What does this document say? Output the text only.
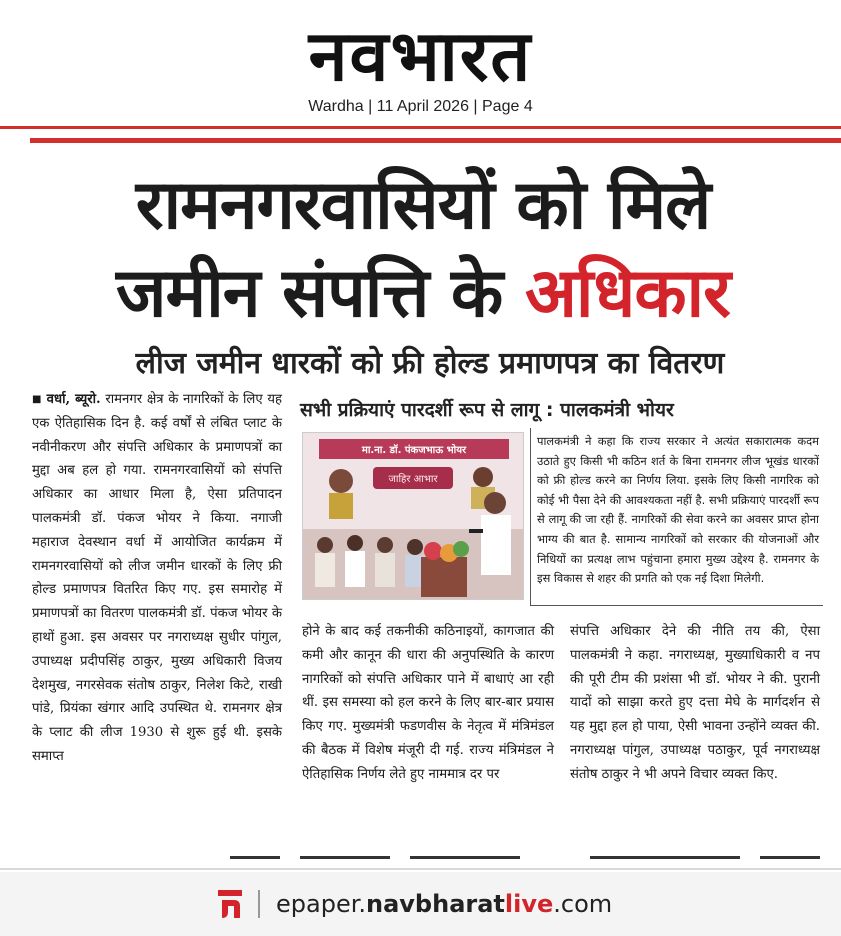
नवभारत
Wardha | 11 April 2026 | Page 4
रामनगरवासियों को मिले
जमीन संपत्ति के अधिकार
लीज जमीन धारकों को फ्री होल्ड प्रमाणपत्र का वितरण
■ वर्धा, ब्यूरो. रामनगर क्षेत्र के नागरिकों के लिए यह एक ऐतिहासिक दिन है. कई वर्षों से लंबित प्लाट के नवीनीकरण और संपत्ति अधिकार के प्रमाणपत्रों का मुद्दा अब हल हो गया. रामनगरवासियों को संपत्ति अधिकार का आधार मिला है, ऐसा प्रतिपादन पालकमंत्री डॉ. पंकज भोयर ने किया. नगाजी महाराज देवस्थान वर्धा में आयोजित कार्यक्रम में रामनगरवासियों को लीज जमीन धारकों के लिए फ्री होल्ड प्रमाणपत्र वितरित किए गए. इस समारोह में प्रमाणपत्रों का वितरण पालकमंत्री डॉ. पंकज भोयर के हाथों हुआ. इस अवसर पर नगराध्यक्ष सुधीर पांगुल, उपाध्यक्ष प्रदीपसिंह ठाकुर, मुख्य अधिकारी विजय देशमुख, नगरसेवक संतोष ठाकुर, निलेश किटे, राखी पांडे, प्रियंका खंगार आदि उपस्थित थे. रामनगर क्षेत्र के प्लाट की लीज 1930 से शुरू हुई थी. इसके समाप्त
सभी प्रक्रियाएं पारदर्शी रूप से लागू : पालकमंत्री भोयर
मा.ना. डॉ. पंकजभाऊ भोयर
जाहिर आभार
पालकमंत्री ने कहा कि राज्य सरकार ने अत्यंत सकारात्मक कदम उठाते हुए किसी भी कठिन शर्त के बिना रामनगर लीज भूखंड धारकों को फ्री होल्ड करने का निर्णय लिया. इसके लिए किसी नागरिक को कोई भी पैसा देने की आवश्यकता नहीं है. सभी प्रक्रियाएं पारदर्शी रूप से लागू की जा रही हैं. नागरिकों की सेवा करने का अवसर प्राप्त होना भाग्य की बात है. सामान्य नागरिकों को सरकार की योजनाओं और निधियों का प्रत्यक्ष लाभ पहुंचाना हमारा मुख्य उद्देश्य है. रामनगर के इस विकास से शहर की प्रगति को एक नई दिशा मिलेगी.
होने के बाद कई तकनीकी कठिनाइयों, कागजात की कमी और कानून की धारा की अनुपस्थिति के कारण नागरिकों को संपत्ति अधिकार पाने में बाधाएं आ रही थीं. इस समस्या को हल करने के लिए बार-बार प्रयास किए गए. मुख्यमंत्री फडणवीस के नेतृत्व में मंत्रिमंडल की बैठक में विशेष मंजूरी दी गई. राज्य मंत्रिमंडल ने ऐतिहासिक निर्णय लेते हुए नाममात्र दर पर
संपत्ति अधिकार देने की नीति तय की, ऐसा पालकमंत्री ने कहा. नगराध्यक्ष, मुख्याधिकारी व नप की पूरी टीम की प्रशंसा भी डॉ. भोयर ने की. पुरानी यादों को साझा करते हुए दत्ता मेघे के मार्गदर्शन से यह मुद्दा हल हो पाया, ऐसी भावना उन्होंने व्यक्त की. नगराध्यक्ष पांगुल, उपाध्यक्ष पठाकुर, पूर्व नगराध्यक्ष संतोष ठाकुर ने भी अपने विचार व्यक्त किए.
epaper.navbharatlive.com
